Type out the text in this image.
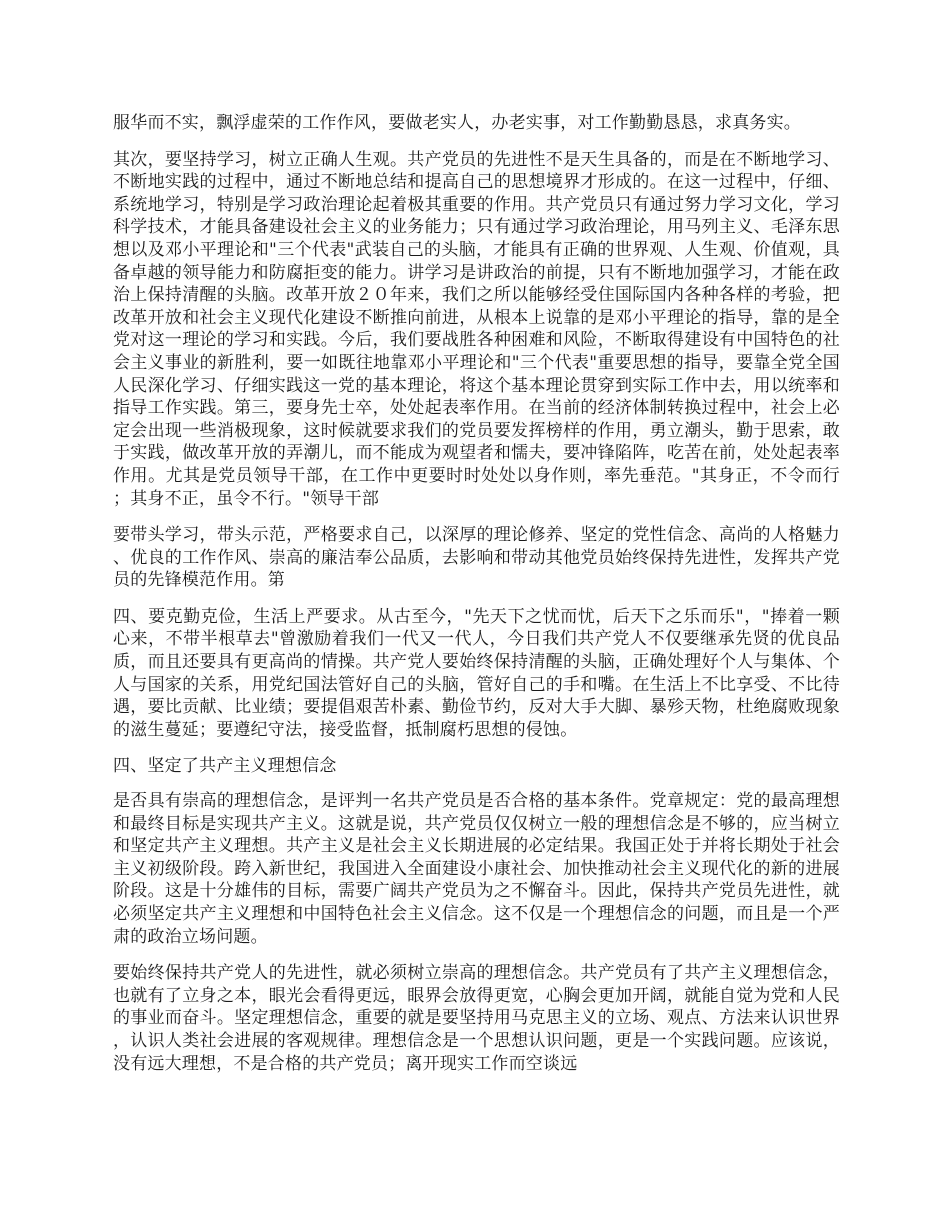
服华而不实，飘浮虚荣的工作作风，要做老实人，办老实事，对工作勤勤恳恳，求真务实。

其次，要坚持学习，树立正确人生观。共产党员的先进性不是天生具备的，而是在不断地学习、不断地实践的过程中，通过不断地总结和提高自己的思想境界才形成的。在这一过程中，仔细、系统地学习，特别是学习政治理论起着极其重要的作用。共产党员只有通过努力学习文化，学习科学技术，才能具备建设社会主义的业务能力；只有通过学习政治理论，用马列主义、毛泽东思想以及邓小平理论和"三个代表"武装自己的头脑，才能具有正确的世界观、人生观、价值观，具备卓越的领导能力和防腐拒变的能力。讲学习是讲政治的前提，只有不断地加强学习，才能在政治上保持清醒的头脑。改革开放２０年来，我们之所以能够经受住国际国内各种各样的考验，把改革开放和社会主义现代化建设不断推向前进，从根本上说靠的是邓小平理论的指导，靠的是全党对这一理论的学习和实践。今后，我们要战胜各种困难和风险，不断取得建设有中国特色的社会主义事业的新胜利，要一如既往地靠邓小平理论和"三个代表"重要思想的指导，要靠全党全国人民深化学习、仔细实践这一党的基本理论，将这个基本理论贯穿到实际工作中去，用以统率和指导工作实践。第三，要身先士卒，处处起表率作用。在当前的经济体制转换过程中，社会上必定会出现一些消极现象，这时候就要求我们的党员要发挥榜样的作用，勇立潮头，勤于思索，敢于实践，做改革开放的弄潮儿，而不能成为观望者和懦夫，要冲锋陷阵，吃苦在前，处处起表率作用。尤其是党员领导干部，在工作中更要时时处处以身作则，率先垂范。"其身正，不令而行；其身不正，虽令不行。"领导干部

要带头学习，带头示范，严格要求自己，以深厚的理论修养、坚定的党性信念、高尚的人格魅力、优良的工作作风、崇高的廉洁奉公品质，去影响和带动其他党员始终保持先进性，发挥共产党员的先锋模范作用。第

四、要克勤克俭，生活上严要求。从古至今，"先天下之忧而忧，后天下之乐而乐"，"捧着一颗心来，不带半根草去"曾激励着我们一代又一代人，今日我们共产党人不仅要继承先贤的优良品质，而且还要具有更高尚的情操。共产党人要始终保持清醒的头脑，正确处理好个人与集体、个人与国家的关系，用党纪国法管好自己的头脑，管好自己的手和嘴。在生活上不比享受、不比待遇，要比贡献、比业绩；要提倡艰苦朴素、勤俭节约，反对大手大脚、暴殄天物，杜绝腐败现象的滋生蔓延；要遵纪守法，接受监督，抵制腐朽思想的侵蚀。

四、坚定了共产主义理想信念

是否具有崇高的理想信念，是评判一名共产党员是否合格的基本条件。党章规定：党的最高理想和最终目标是实现共产主义。这就是说，共产党员仅仅树立一般的理想信念是不够的，应当树立和坚定共产主义理想。共产主义是社会主义长期进展的必定结果。我国正处于并将长期处于社会主义初级阶段。跨入新世纪，我国进入全面建设小康社会、加快推动社会主义现代化的新的进展阶段。这是十分雄伟的目标，需要广阔共产党员为之不懈奋斗。因此，保持共产党员先进性，就必须坚定共产主义理想和中国特色社会主义信念。这不仅是一个理想信念的问题，而且是一个严肃的政治立场问题。

要始终保持共产党人的先进性，就必须树立崇高的理想信念。共产党员有了共产主义理想信念，也就有了立身之本，眼光会看得更远，眼界会放得更宽，心胸会更加开阔，就能自觉为党和人民的事业而奋斗。坚定理想信念，重要的就是要坚持用马克思主义的立场、观点、方法来认识世界，认识人类社会进展的客观规律。理想信念是一个思想认识问题，更是一个实践问题。应该说，没有远大理想，不是合格的共产党员；离开现实工作而空谈远
